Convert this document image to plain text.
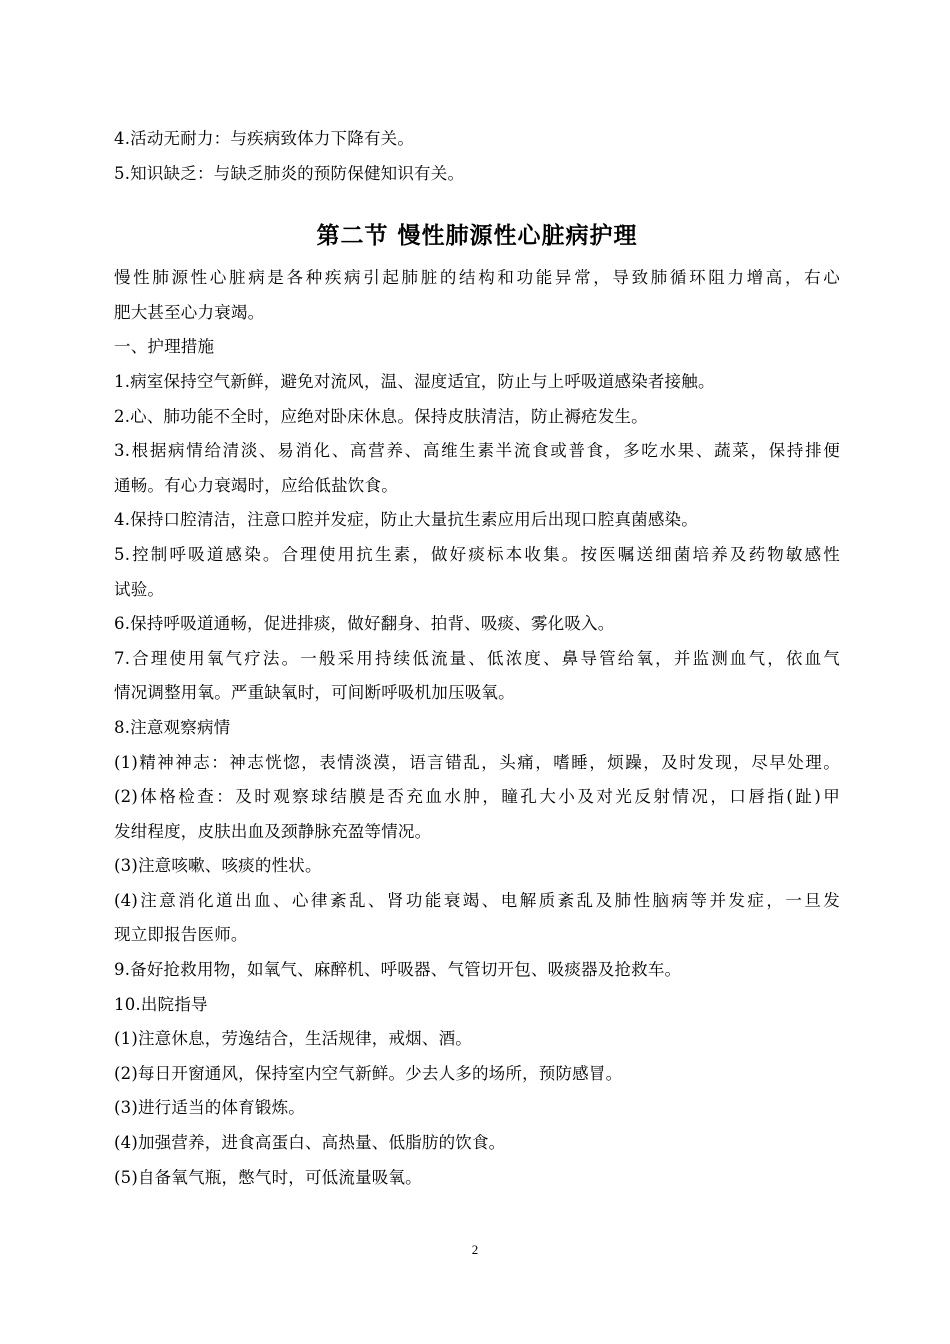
4.活动无耐力：与疾病致体力下降有关。
5.知识缺乏：与缺乏肺炎的预防保健知识有关。
第二节 慢性肺源性心脏病护理
慢性肺源性心脏病是各种疾病引起肺脏的结构和功能异常，导致肺循环阻力增高，右心
肥大甚至心力衰竭。
一、护理措施
1.病室保持空气新鲜，避免对流风，温、湿度适宜，防止与上呼吸道感染者接触。
2.心、肺功能不全时，应绝对卧床休息。保持皮肤清洁，防止褥疮发生。
3.根据病情给清淡、易消化、高营养、高维生素半流食或普食，多吃水果、蔬菜，保持排便
通畅。有心力衰竭时，应给低盐饮食。
4.保持口腔清洁，注意口腔并发症，防止大量抗生素应用后出现口腔真菌感染。
5.控制呼吸道感染。合理使用抗生素，做好痰标本收集。按医嘱送细菌培养及药物敏感性
试验。
6.保持呼吸道通畅，促进排痰，做好翻身、拍背、吸痰、雾化吸入。
7.合理使用氧气疗法。一般采用持续低流量、低浓度、鼻导管给氧，并监测血气，依血气
情况调整用氧。严重缺氧时，可间断呼吸机加压吸氧。
8.注意观察病情
(1)精神神志：神志恍惚，表情淡漠，语言错乱，头痛，嗜睡，烦躁，及时发现，尽早处理。
(2)体格检查：及时观察球结膜是否充血水肿，瞳孔大小及对光反射情况，口唇指(趾)甲
发绀程度，皮肤出血及颈静脉充盈等情况。
(3)注意咳嗽、咳痰的性状。
(4)注意消化道出血、心律紊乱、肾功能衰竭、电解质紊乱及肺性脑病等并发症，一旦发
现立即报告医师。
9.备好抢救用物，如氧气、麻醉机、呼吸器、气管切开包、吸痰器及抢救车。
10.出院指导
(1)注意休息，劳逸结合，生活规律，戒烟、酒。
(2)每日开窗通风，保持室内空气新鲜。少去人多的场所，预防感冒。
(3)进行适当的体育锻炼。
(4)加强营养，进食高蛋白、高热量、低脂肪的饮食。
(5)自备氧气瓶，憋气时，可低流量吸氧。
2
